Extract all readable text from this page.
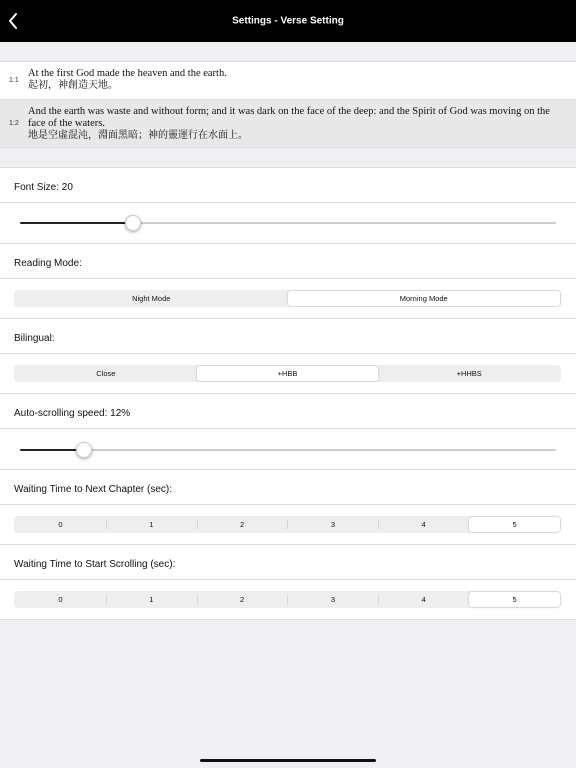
Settings - Verse Setting
1:1
At the first God made the heaven and the earth.
起初，神創造天地。
1:2
And the earth was waste and without form; and it was dark on the face of the deep: and the Spirit of God was moving on the face of the waters.
地是空虛混沌，淵面黑暗；神的靈運行在水面上。
Font Size: 20
Reading Mode:
Night Mode	Morning Mode
Bilingual:
Close	+HBB	+HHBS
Auto-scrolling speed: 12%
Waiting Time to Next Chapter (sec):
0	1	2	3	4	5
Waiting Time to Start Scrolling (sec):
0	1	2	3	4	5
